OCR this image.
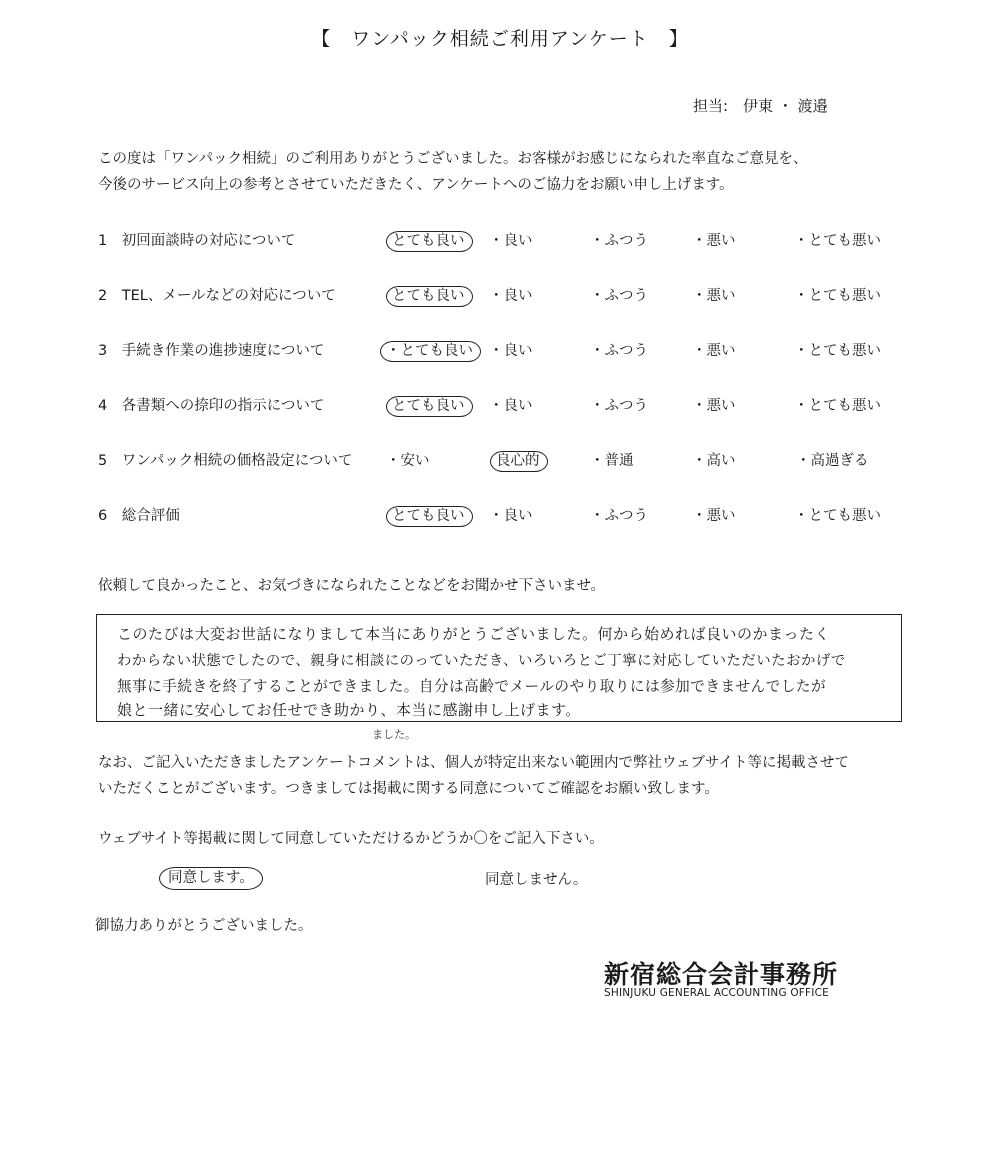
【　ワンパック相続ご利用アンケート　】
担当:　伊東 ・ 渡邉
この度は「ワンパック相続」のご利用ありがとうございました。お客様がお感じになられた率直なご意見を、
今後のサービス向上の参考とさせていただきたく、アンケートへのご協力をお願い申し上げます。
1　初回面談時の対応について	とても良い	・良い	・ふつう	・悪い	・とても悪い
2　TEL、メールなどの対応について	とても良い	・良い	・ふつう	・悪い	・とても悪い
3　手続き作業の進捗速度について	・とても良い	・良い	・ふつう	・悪い	・とても悪い
4　各書類への捺印の指示について	とても良い	・良い	・ふつう	・悪い	・とても悪い
5　ワンパック相続の価格設定について ・安い	良心的	・普通	・高い	・高過ぎる
6　総合評価	とても良い	・良い	・ふつう	・悪い	・とても悪い
依頼して良かったこと、お気づきになられたことなどをお聞かせ下さいませ。
このたびは大変お世話になりまして本当にありがとうございました。何から始めれば良いのかまったく
わからない状態でしたので、親身に相談にのっていただき、いろいろとご丁寧に対応していただいたおかげで
無事に手続きを終了することができました。自分は高齢でメールのやり取りには参加できませんでしたが
娘と一緒に安心してお任せでき助かり、本当に感謝申し上げます。
ました。
なお、ご記入いただきましたアンケートコメントは、個人が特定出来ない範囲内で弊社ウェブサイト等に掲載させて
いただくことがございます。つきましては掲載に関する同意についてご確認をお願い致します。
ウェブサイト等掲載に関して同意していただけるかどうか〇をご記入下さい。
同意します。	同意しません。
御協力ありがとうございました。
新宿総合会計事務所
SHINJUKU GENERAL ACCOUNTING OFFICE
